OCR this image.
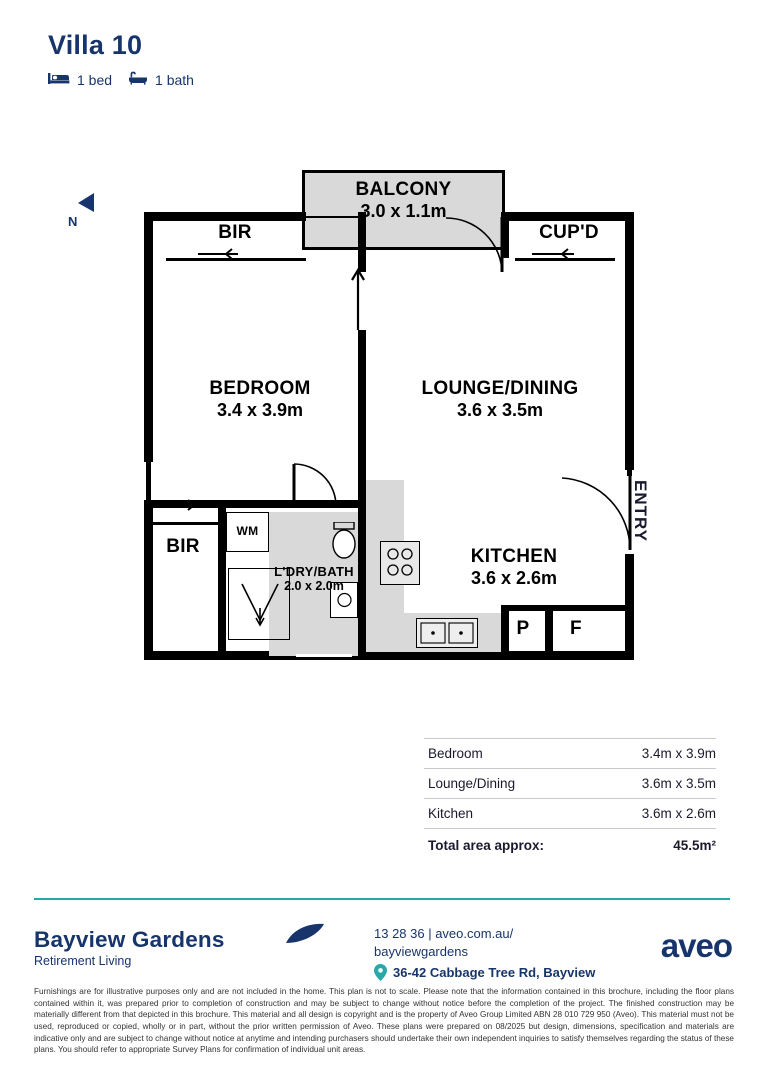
Villa 10
1 bed	1 bath
N
WM
BALCONY
3.0 x 1.1m
BEDROOM
3.4 x 3.9m
LOUNGE/DINING
3.6 x 3.5m
KITCHEN
3.6 x 2.6m
L'DRY/BATH
2.0 x 2.0m
BIR	CUP'D
BIR
P	F
ENTRY
Bedroom	3.4m x 3.9m
Lounge/Dining	3.6m x 3.5m
Kitchen	3.6m x 2.6m
Total area approx:	45.5m²
Bayview Gardens
Retirement Living
13 28 36 | aveo.com.au/
bayviewgardens
36-42 Cabbage Tree Rd, Bayview
aveo
Furnishings are for illustrative purposes only and are not included in the home. This plan is not to scale. Please note that the information contained in this brochure, including the floor plans contained within it, was prepared prior to completion of construction and may be subject to change without notice before the completion of the project. The finished construction may be materially different from that depicted in this brochure. This material and all design is copyright and is the property of Aveo Group Limited ABN 28 010 729 950 (Aveo). This material must not be used, reproduced or copied, wholly or in part, without the prior written permission of Aveo. These plans were prepared on 08/2025 but design, dimensions, specification and materials are indicative only and are subject to change without notice at anytime and intending purchasers should undertake their own independent inquiries to satisfy themselves regarding the status of these plans. You should refer to appropriate Survey Plans for confirmation of individual unit areas.
